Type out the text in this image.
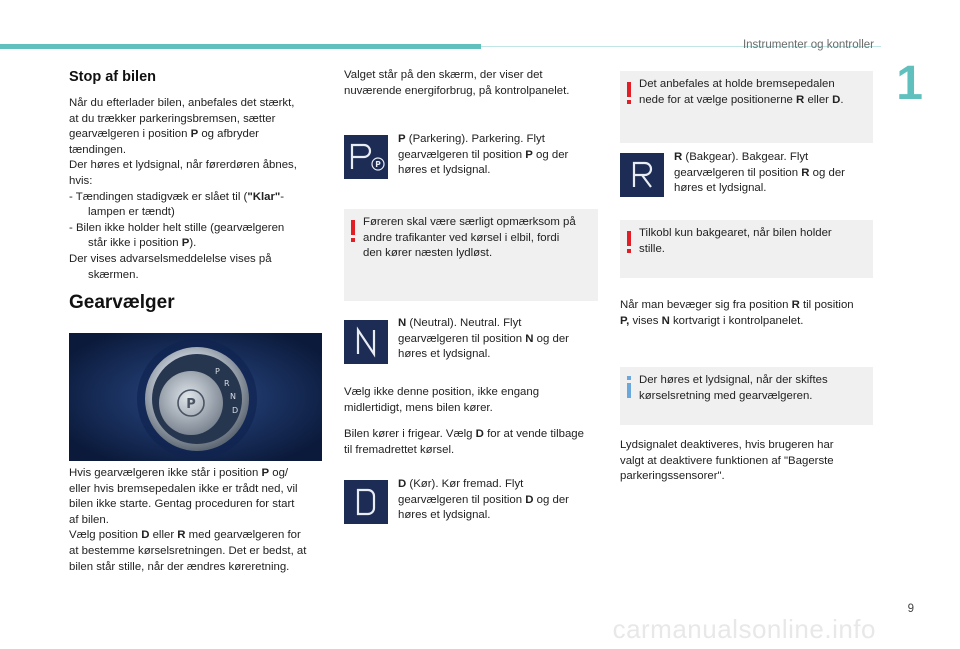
Instrumenter og kontroller
1
Stop af bilen

Når du efterlader bilen, anbefales det stærkt,

at du trækker parkeringsbremsen, sætter

gearvælgeren i position P og afbryder

tændingen.

Der høres et lydsignal, når førerdøren åbnes,

hvis:

- Tændingen stadigvæk er slået til ("Klar"-

lampen er tændt)

- Bilen ikke holder helt stille (gearvælgeren

står ikke i position P).

Der vises advarselsmeddelelse vises på

skærmen.

Gearvælger
P
P
R
N
D

Hvis gearvælgeren ikke står i position P og/

eller hvis bremsepedalen ikke er trådt ned, vil

bilen ikke starte. Gentag proceduren for start

af bilen.

Vælg position D eller R med gearvælgeren for

at bestemme kørselsretningen. Det er bedst, at

bilen står stille, når der ændres køreretning.

Valget står på den skærm, der viser det

nuværende energiforbrug, på kontrolpanelet.

P

P (Parkering). Parkering. Flyt

gearvælgeren til position P og der

høres et lydsignal.

Føreren skal være særligt opmærksom på

andre trafikanter ved kørsel i elbil, fordi

den kører næsten lydløst.

N (Neutral). Neutral. Flyt

gearvælgeren til position N og der

høres et lydsignal.

Vælg ikke denne position, ikke engang

midlertidigt, mens bilen kører.

Bilen kører i frigear. Vælg D for at vende tilbage

til fremadrettet kørsel.

D (Kør). Kør fremad. Flyt

gearvælgeren til position D og der

høres et lydsignal.

Det anbefales at holde bremsepedalen

nede for at vælge positionerne R eller D.

R (Bakgear). Bakgear. Flyt

gearvælgeren til position R og der

høres et lydsignal.

Tilkobl kun bakgearet, når bilen holder

stille.

Når man bevæger sig fra position R til position

P, vises N kortvarigt i kontrolpanelet.

Der høres et lydsignal, når der skiftes

kørselsretning med gearvælgeren.

Lydsignalet deaktiveres, hvis brugeren har

valgt at deaktivere funktionen af "Bagerste

parkeringssensorer".

9
carmanualsonline.info
